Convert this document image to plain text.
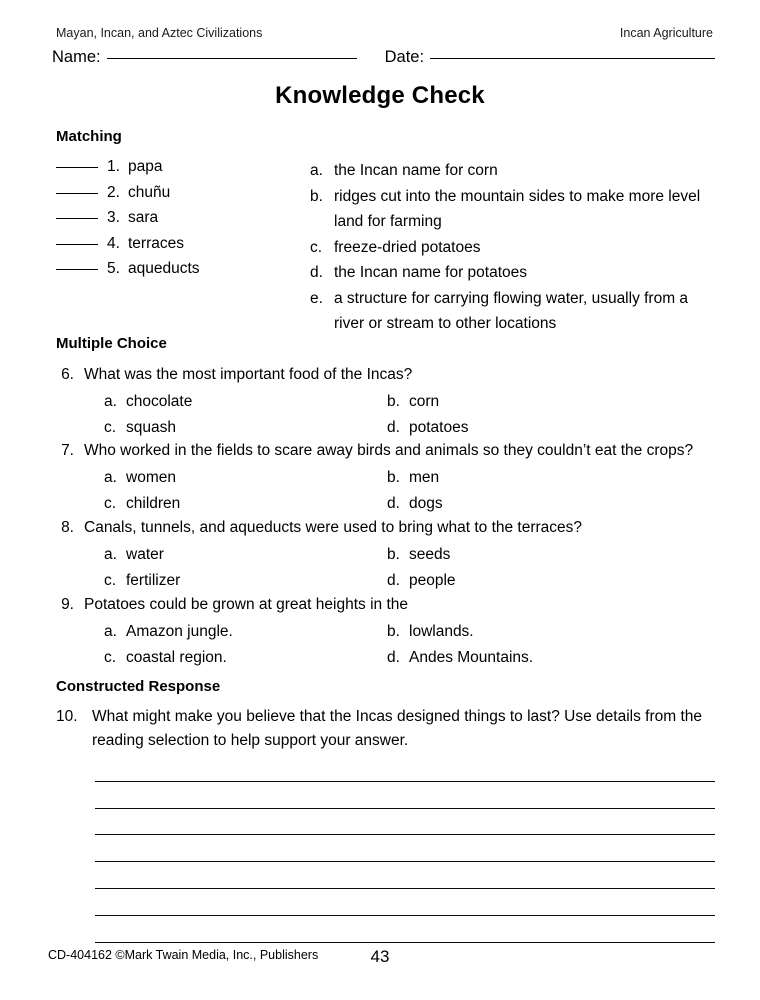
Mayan, Incan, and Aztec Civilizations	Incan Agriculture
Name:	Date:
Knowledge Check
Matching
1. papa
2. chuñu
3. sara
4. terraces
5. aqueducts
a. the Incan name for corn
b. ridges cut into the mountain sides to make more level land for farming
c. freeze-dried potatoes
d. the Incan name for potatoes
e. a structure for carrying flowing water, usually from a river or stream to other locations
Multiple Choice
6. What was the most important food of the Incas?
a. chocolate	b. corn
c. squash	d. potatoes
7. Who worked in the fields to scare away birds and animals so they couldn’t eat the crops?
a. women	b. men
c. children	d. dogs
8. Canals, tunnels, and aqueducts were used to bring what to the terraces?
a. water	b. seeds
c. fertilizer	d. people
9. Potatoes could be grown at great heights in the
a. Amazon jungle.	b. lowlands.
c. coastal region.	d. Andes Mountains.
Constructed Response
10. What might make you believe that the Incas designed things to last? Use details from the reading selection to help support your answer.
CD-404162 ©Mark Twain Media, Inc., Publishers	43
